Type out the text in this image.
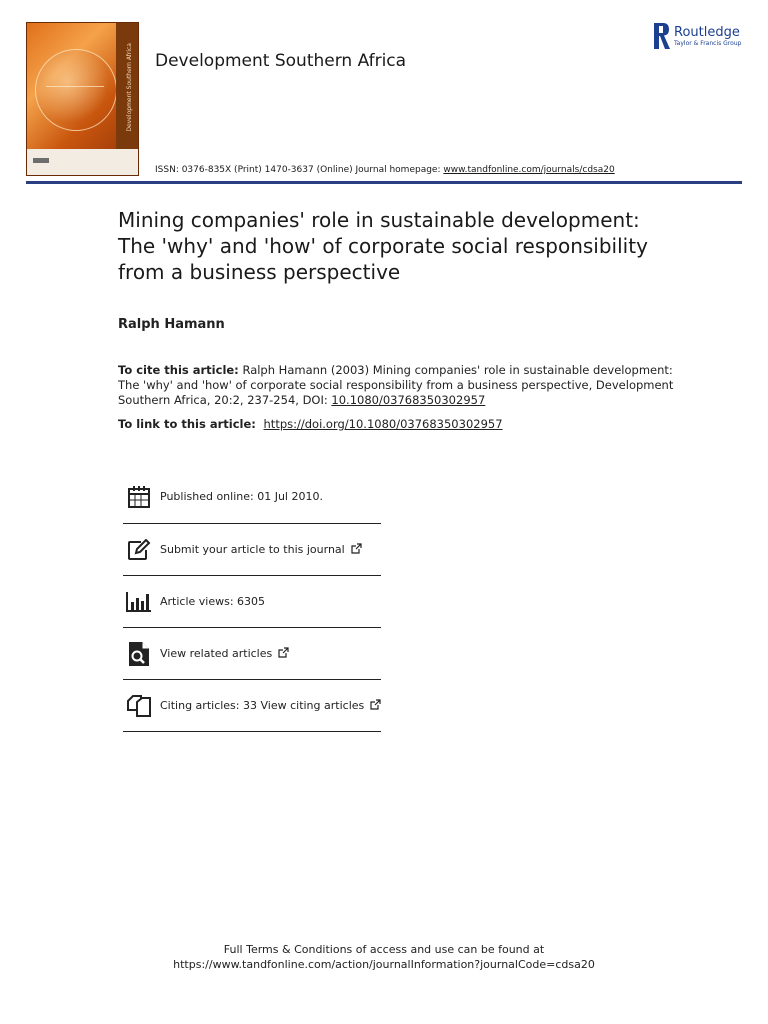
Development Southern Africa Development Southern Africa
ISSN: 0376-835X (Print) 1470-3637 (Online) Journal homepage: www.tandfonline.com/journals/cdsa20
Routledge
Taylor & Francis Group
Mining companies' role in sustainable development: The 'why' and 'how' of corporate social responsibility from a business perspective
Ralph Hamann
To cite this article: Ralph Hamann (2003) Mining companies' role in sustainable development: The 'why' and 'how' of corporate social responsibility from a business perspective, Development Southern Africa, 20:2, 237-254, DOI: 10.1080/03768350302957
To link to this article: https://doi.org/10.1080/03768350302957
Published online: 01 Jul 2010.
Submit your article to this journal
Article views: 6305
View related articles
Citing articles: 33 View citing articles
Full Terms & Conditions of access and use can be found at
https://www.tandfonline.com/action/journalInformation?journalCode=cdsa20
